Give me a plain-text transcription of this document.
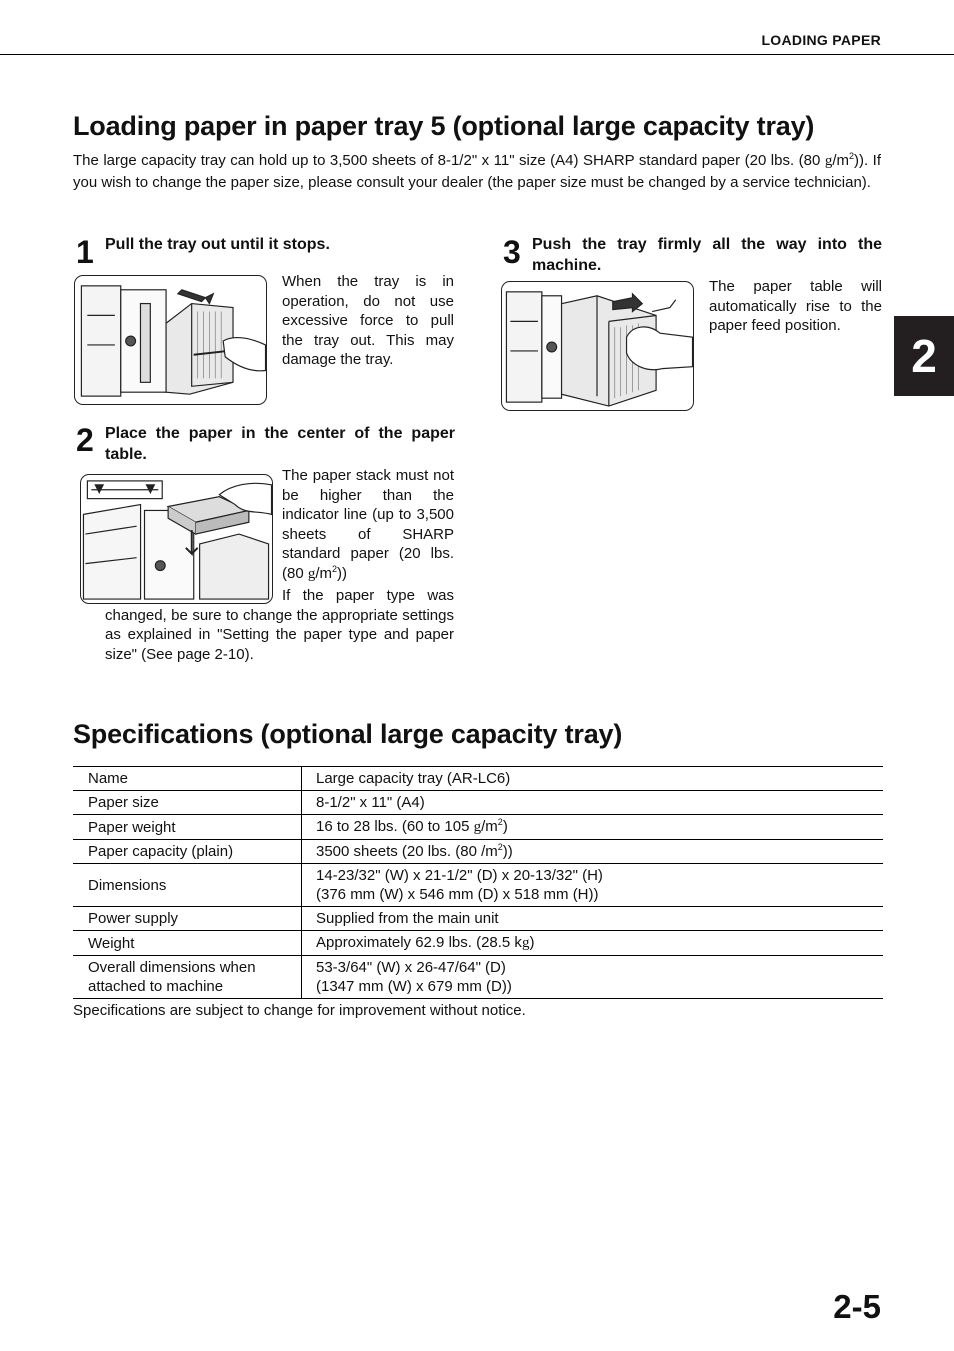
LOADING PAPER
2
Loading paper in paper tray 5 (optional large capacity tray)

The large capacity tray can hold up to 3,500 sheets of 8-1/2" x 11" size (A4) SHARP standard paper (20 lbs. (80 $g/m^2$)). If you wish to change the paper size, please consult your dealer (the paper size must be changed by a service technician).

1 Pull the tray out until it stops.

When the tray is in operation, do not use excessive force to pull the tray out. This may damage the tray.

2 Place the paper in the center of the paper table.

The paper stack must not be higher than the indicator line (up to 3,500 sheets of SHARP standard paper (20 lbs. (80 $g/m^2$))
If the paper type was changed, be sure to change the appropriate settings as explained in "Setting the paper type and paper size" (See page 2-10).
3 Push the tray firmly all the way into the machine.

The paper table will automatically rise to the paper feed position.

Specifications (optional large capacity tray)
Name	Large capacity tray (AR-LC6)
Paper size	8-1/2" x 11" (A4)
Paper weight	16 to 28 lbs. (60 to 105 $g/m^2$)
Paper capacity (plain)	3500 sheets (20 lbs. (80 $/m^2$))
Dimensions	14-23/32" (W) x 21-1/2" (D) x 20-13/32" (H)
(376 mm (W) x 546 mm (D) x 518 mm (H))
Power supply	Supplied from the main unit
Weight	Approximately 62.9 lbs. (28.5 kg)
Overall dimensions when
attached to machine	53-3/64" (W) x 26-47/64" (D)
(1347 mm (W) x 679 mm (D))

Specifications are subject to change for improvement without notice.

2-5
